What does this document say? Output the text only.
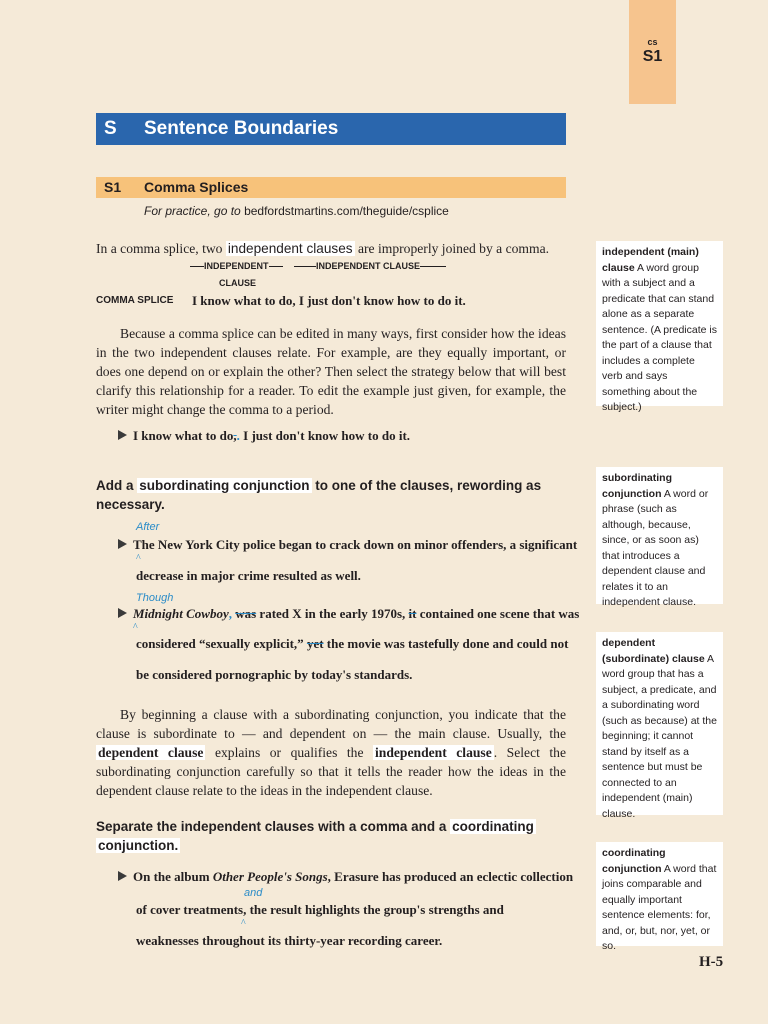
cs
S1
S Sentence Boundaries
S1 Comma Splices
For practice, go to bedfordstmartins.com/theguide/csplice

In a comma splice, two independent clauses are improperly joined by a comma.

INDEPENDENT
CLAUSE
INDEPENDENT CLAUSE
COMMA SPLICE I know what to do, I just don't know how to do it.

Because a comma splice can be edited in many ways, first consider how the ideas in the two independent clauses relate. For example, are they equally important, or does one depend on or explain the other? Then select the strategy below that will best clarify this relationship for a reader. To edit the example just given, for example, the writer might change the comma to a period.

I know what to do,. I just don't know how to do it.
Add a subordinating conjunction to one of the clauses, rewording as necessary.
After
The New York City police began to crack down on minor offenders, a significant
^
decrease in major crime resulted as well.
Though
Midnight Cowboy, was rated X in the early 1970s, it contained one scene that was
^
considered “sexually explicit,” yet the movie was tastefully done and could not
be considered pornographic by today's standards.

By beginning a clause with a subordinating conjunction, you indicate that the clause is subordinate to — and dependent on — the main clause. Usually, the dependent clause explains or qualifies the independent clause . Select the subordinating conjunction carefully so that it tells the reader how the ideas in the dependent clause relate to the ideas in the independent clause.

Separate the independent clauses with a comma and a coordinating
conjunction.
On the album Other People's Songs, Erasure has produced an eclectic collection
and
of cover treatments, the result highlights the group's strengths and
^
weaknesses throughout its thirty-year recording career.
independent (main) clause A word group with a subject and a predicate that can stand alone as a separate sentence. (A predicate is the part of a clause that includes a complete verb and says something about the subject.)
subordinating conjunction A word or phrase (such as although, because, since, or as soon as) that introduces a dependent clause and relates it to an independent clause.
dependent (subordinate) clause A word group that has a subject, a predicate, and a subordinating word (such as because) at the beginning; it cannot stand by itself as a sentence but must be connected to an independent (main) clause.
coordinating conjunction A word that joins comparable and equally important sentence elements: for, and, or, but, nor, yet, or so.
H-5
